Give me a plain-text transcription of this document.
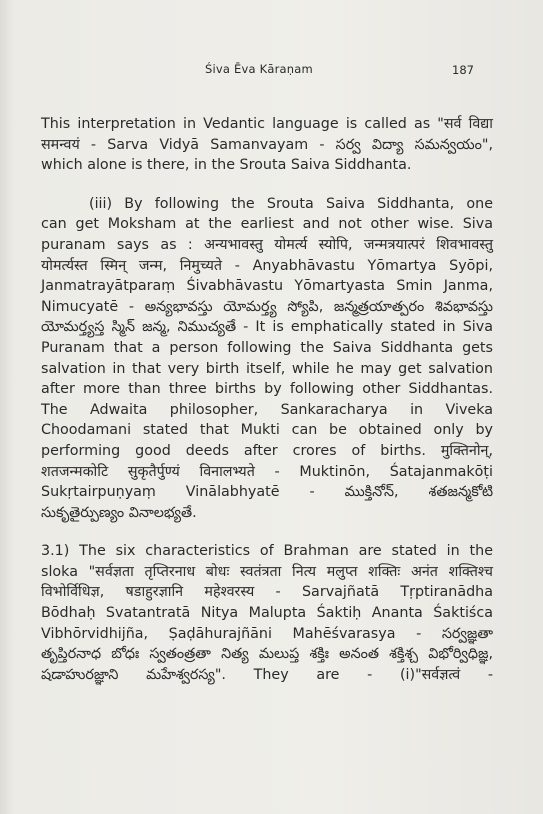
Śiva Ēva Kāraṇam	187
This interpretation in Vedantic language is called as "सर्व विद्या
समन्वयं - Sarva Vidyā Samanvayam - సర్వ విద్యా సమన్వయం",
which alone is there, in the Srouta Saiva Siddhanta.
(iii) By following the Srouta Saiva Siddhanta, one
can get Moksham at the earliest and not other wise. Siva
puranam says as : अन्यभावस्तु योमर्त्य स्योपि, जन्मत्रयात्परं शिवभावस्तु
योमर्त्यस्त स्मिन् जन्म, निमुच्यते - Anyabhāvastu Yōmartya Syōpi,
Janmatrayātparaṃ Śivabhāvastu Yōmartyasta Smin Janma,
Nimucyatē - అన్యభావస్తు యోమర్త్య స్యోపి, జన్మత్రయాత్పరం శివభావస్తు
యోమర్త్యస్త స్మిన్ జన్మ, నిముచ్యతే - It is emphatically stated in Siva
Puranam that a person following the Saiva Siddhanta gets
salvation in that very birth itself, while he may get salvation
after more than three births by following other Siddhantas.
The Adwaita philosopher, Sankaracharya in Viveka
Choodamani stated that Mukti can be obtained only by
performing good deeds after crores of births. मुक्तिनोन्,
शतजन्मकोटि सुकृतैर्पुण्यं विनालभ्यते - Muktinōn, Śatajanmakōṭi
Sukṛtairpuṇyaṃ Vinālabhyatē - ముక్తినోన్, శతజన్మకోటి
సుకృతైర్పుణ్యం వినాలభ్యతే.
3.1) The six characteristics of Brahman are stated in the
sloka "सर्वज्ञता तृप्तिरनाध बोधः स्वतंत्रता नित्य मलुप्त शक्तिः अनंत शक्तिश्च
विभोर्विधिज्ञ, षडाहुरज्ञानि महेश्वरस्य - Sarvajñatā Tṛptiranādha
Bōdhaḥ Svatantratā Nitya Malupta Śaktiḥ Ananta Śaktiśca
Vibhōrvidhijña, Ṣaḍāhurajñāni Mahēśvarasya - సర్వజ్ఞతా
తృప్తిరనాధ బోధః స్వతంత్రతా నిత్య మలుప్త శక్తిః అనంత శక్తిశ్చ విభోర్విధిజ్ఞ,
షడాహురజ్ఞాని మహేశ్వరస్య". They are - (i)"सर्वज्ञत्वं -
